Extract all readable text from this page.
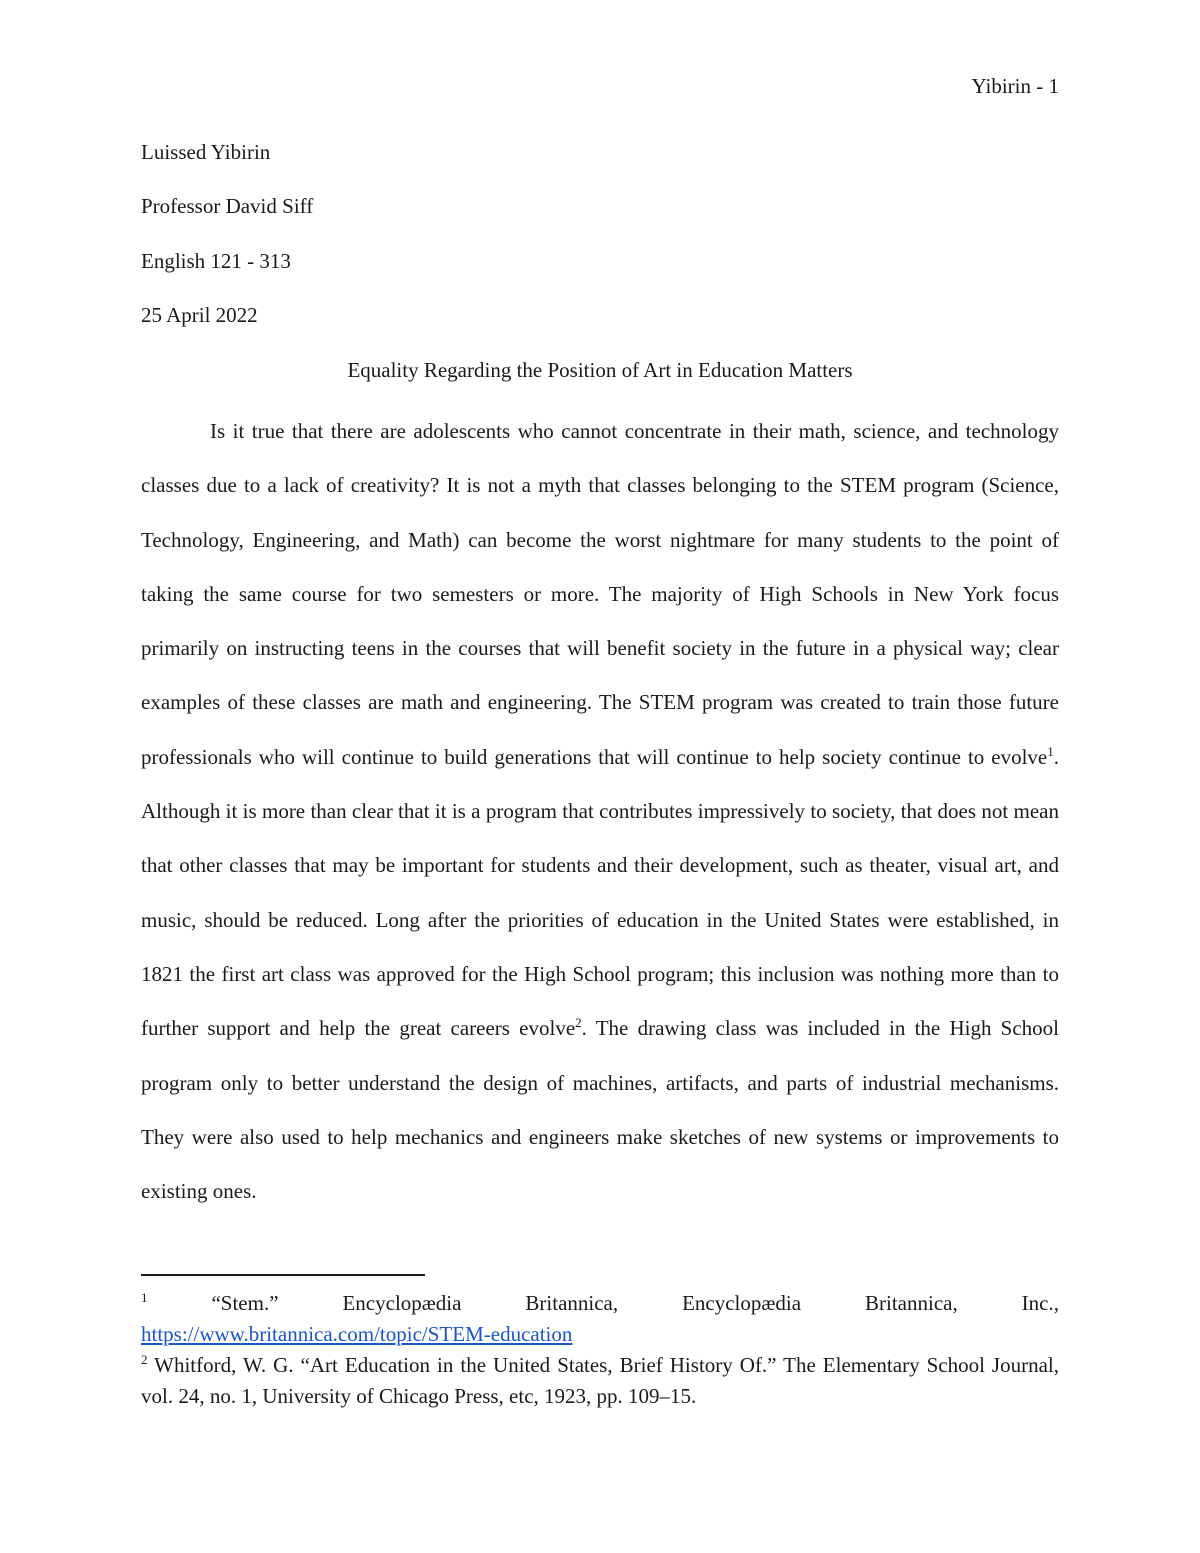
Yibirin - 1
Luissed Yibirin
Professor David Siff
English 121 - 313
25 April 2022
Equality Regarding the Position of Art in Education Matters

Is it true that there are adolescents who cannot concentrate in their math, science, and technology classes due to a lack of creativity? It is not a myth that classes belonging to the STEM program (Science, Technology, Engineering, and Math) can become the worst nightmare for many students to the point of taking the same course for two semesters or more. The majority of High Schools in New York focus primarily on instructing teens in the courses that will benefit society in the future in a physical way; clear examples of these classes are math and engineering. The STEM program was created to train those future professionals who will continue to build generations that will continue to help society continue to evolve$^1$. Although it is more than clear that it is a program that contributes impressively to society, that does not mean that other classes that may be important for students and their development, such as theater, visual art, and music, should be reduced. Long after the priorities of education in the United States were established, in 1821 the first art class was approved for the High School program; this inclusion was nothing more than to further support and help the great careers evolve$^2$. The drawing class was included in the High School program only to better understand the design of machines, artifacts, and parts of industrial mechanisms. They were also used to help mechanics and engineers make sketches of new systems or improvements to existing ones.

$^1$ “Stem.” Encyclopædia Britannica, Encyclopædia Britannica, Inc., https://www.britannica.com/topic/STEM-education

$^2$ Whitford, W. G. “Art Education in the United States, Brief History Of.” The Elementary School Journal, vol. 24, no. 1, University of Chicago Press, etc, 1923, pp. 109–15.
